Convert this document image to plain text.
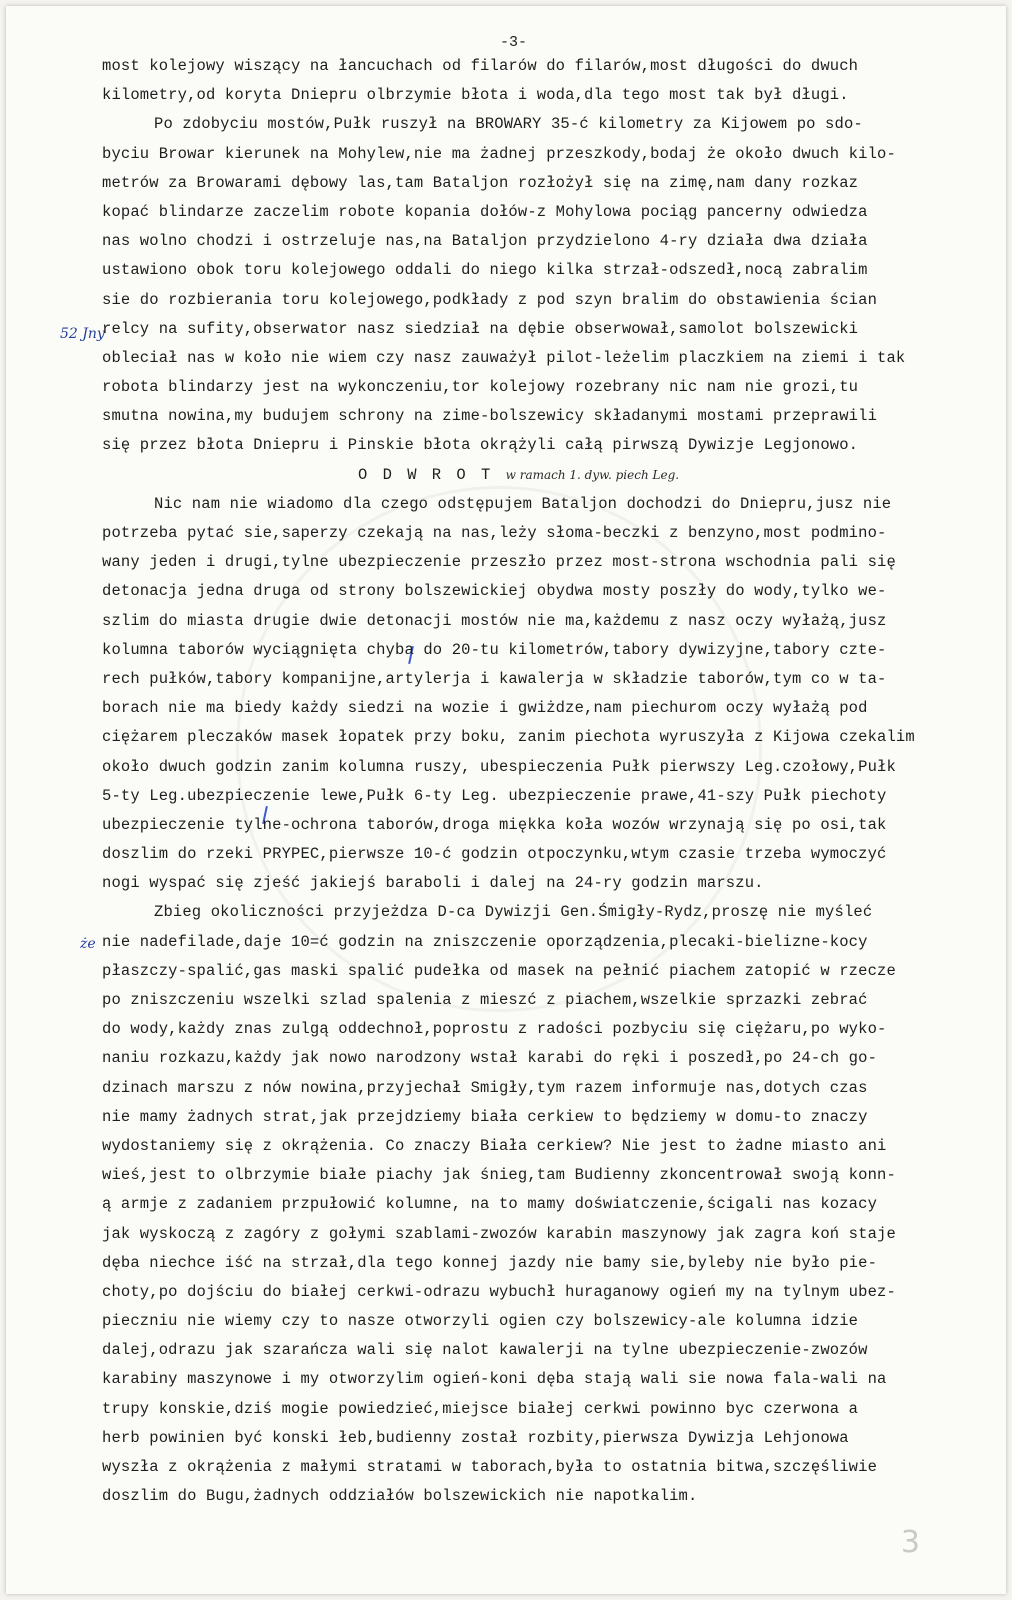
-3-
52 Jny
że
most kolejowy wiszący na łancuchach od filarów do filarów,most długości do dwuch
kilometry,od koryta Dniepru olbrzymie błota i woda,dla tego most tak był długi.
Po zdobyciu mostów,Pułk ruszył na BROWARY 35-ć kilometry za Kijowem po sdo-
byciu Browar kierunek na Mohylew,nie ma żadnej przeszkody,bodaj że około dwuch kilo-
metrów za Browarami dębowy las,tam Bataljon rozłożył się na zimę,nam dany rozkaz
kopać blindarze zaczelim robote kopania dołów-z Mohylowa pociąg pancerny odwiedza
nas wolno chodzi i ostrzeluje nas,na Bataljon przydzielono 4-ry działa dwa działa
ustawiono obok toru kolejowego oddali do niego kilka strzał-odszedł,nocą zabralim
sie do rozbierania toru kolejowego,podkłady z pod szyn bralim do obstawienia ścian
relcy na sufity,obserwator nasz siedział na dębie obserwował,samolot bolszewicki
obleciał nas w koło nie wiem czy nasz zauważył pilot-leżelim placzkiem na ziemi i tak
robota blindarzy jest na wykonczeniu,tor kolejowy rozebrany nic nam nie grozi,tu
smutna nowina,my budujem schrony na zime-bolszewicy składanymi mostami przeprawili
się przez błota Dniepru i Pinskie błota okrążyli całą pirwszą Dywizje Legjonowo.
O D W R O T w ramach 1. dyw. piech Leg.
Nic nam nie wiadomo dla czego odstępujem Bataljon dochodzi do Dniepru,jusz nie
potrzeba pytać sie,saperzy czekają na nas,leży słoma-beczki z benzyno,most podmino-
wany jeden i drugi,tylne ubezpieczenie przeszło przez most-strona wschodnia pali się
detonacja jedna druga od strony bolszewickiej obydwa mosty poszły do wody,tylko we-
szlim do miasta drugie dwie detonacji mostów nie ma,każdemu z nasz oczy wyłażą,jusz
kolumna taborów wyciągnięta chyba do 20-tu kilometrów,tabory dywizyjne,tabory czte-
rech pułków,tabory kompanijne,artylerja i kawalerja w składzie taborów,tym co w ta-
borach nie ma biedy każdy siedzi na wozie i gwiżdze,nam piechurom oczy wyłażą pod
ciężarem pleczaków masek łopatek przy boku, zanim piechota wyruszyła z Kijowa czekalim
około dwuch godzin zanim kolumna ruszy, ubespieczenia Pułk pierwszy Leg.czołowy,Pułk
5-ty Leg.ubezpieczenie lewe,Pułk 6-ty Leg. ubezpieczenie prawe,41-szy Pułk piechoty
ubezpieczenie tylne-ochrona taborów,droga miękka koła wozów wrzynają się po osi,tak
doszlim do rzeki PRYPEC,pierwsze 10-ć godzin otpoczynku,wtym czasie trzeba wymoczyć
nogi wyspać się zjeść jakiejś baraboli i dalej na 24-ry godzin marszu.
Zbieg okoliczności przyjeżdza D-ca Dywizji Gen.Śmigły-Rydz,proszę nie myśleć
nie nadefilade,daje 10=ć godzin na zniszczenie oporządzenia,plecaki-bielizne-kocy
płaszczy-spalić,gas maski spalić pudełka od masek na pełnić piachem zatopić w rzecze
po zniszczeniu wszelki szlad spalenia z mieszć z piachem,wszelkie sprzazki zebrać
do wody,każdy znas zulgą oddechnoł,poprostu z radości pozbyciu się ciężaru,po wyko-
naniu rozkazu,każdy jak nowo narodzony wstał karabi do ręki i poszedł,po 24-ch go-
dzinach marszu z nów nowina,przyjechał Smigły,tym razem informuje nas,dotych czas
nie mamy żadnych strat,jak przejdziemy biała cerkiew to będziemy w domu-to znaczy
wydostaniemy się z okrążenia. Co znaczy Biała cerkiew? Nie jest to żadne miasto ani
wieś,jest to olbrzymie białe piachy jak śnieg,tam Budienny zkoncentrował swoją konn-
ą armje z zadaniem przpułowić kolumne, na to mamy doświatczenie,ścigali nas kozacy
jak wyskoczą z zagóry z gołymi szablami-zwozów karabin maszynowy jak zagra koń staje
dęba niechce iść na strzał,dla tego konnej jazdy nie bamy sie,byleby nie było pie-
choty,po dojściu do białej cerkwi-odrazu wybuchł huraganowy ogień my na tylnym ubez-
pieczniu nie wiemy czy to nasze otworzyli ogien czy bolszewicy-ale kolumna idzie
dalej,odrazu jak szarańcza wali się nalot kawalerji na tylne ubezpieczenie-zwozów
karabiny maszynowe i my otworzylim ogień-koni dęba stają wali sie nowa fala-wali na
trupy konskie,dziś mogie powiedzieć,miejsce białej cerkwi powinno byc czerwona a
herb powinien być konski łeb,budienny został rozbity,pierwsza Dywizja Lehjonowa
wyszła z okrążenia z małymi stratami w taborach,była to ostatnia bitwa,szczęśliwie
doszlim do Bugu,żadnych oddziałów bolszewickich nie napotkalim.
3
